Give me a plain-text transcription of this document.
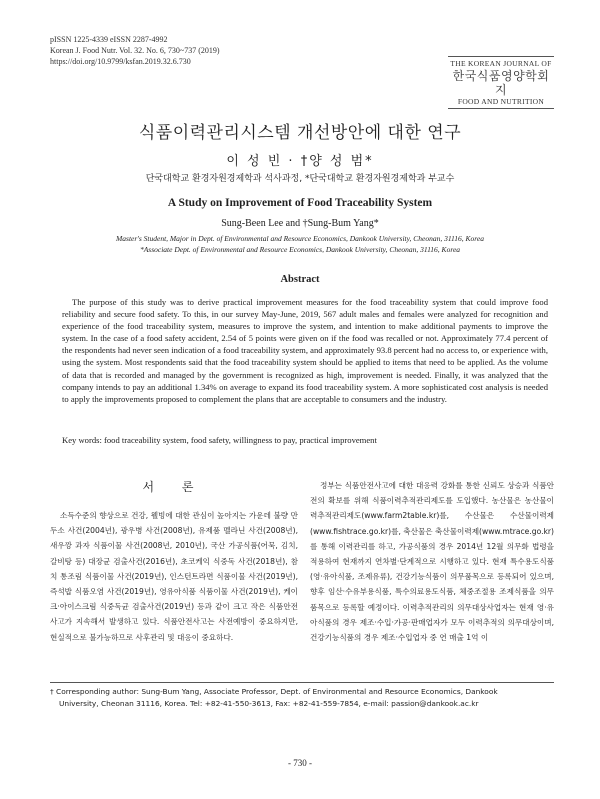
pISSN 1225-4339 eISSN 2287-4992
Korean J. Food Nutr. Vol. 32. No. 6, 730~737 (2019)
https://doi.org/10.9799/ksfan.2019.32.6.730	THE KOREAN JOURNAL OF
한국식품영양학회지
FOOD AND NUTRITION
식품이력관리시스템 개선방안에 대한 연구
이 성 빈 · †양 성 범*
단국대학교 환경자원경제학과 석사과정, *단국대학교 환경자원경제학과 부교수
A Study on Improvement of Food Traceability System
Sung-Been Lee and †Sung-Bum Yang*
Master's Student, Major in Dept. of Environmental and Resource Economics, Dankook University, Cheonan, 31116, Korea
*Associate Dept. of Environmental and Resource Economics, Dankook University, Cheonan, 31116, Korea
Abstract
The purpose of this study was to derive practical improvement measures for the food traceability system that could improve food reliability and secure food safety. To this, in our survey May-June, 2019, 567 adult males and females were analyzed for recognition and experience of the food traceability system, measures to improve the system, and intention to make additional payments to improve the system. In the case of a food safety accident, 2.54 of 5 points were given on if the food was recalled or not. Approximately 77.4 percent of the respondents had never seen indication of a food traceability system, and approximately 93.8 percent had no access to, or experience with, using the system. Most respondents said that the food traceability system should be applied to items that need to be applied. As the volume of data that is recorded and managed by the government is recognized as high, improvement is needed. Finally, it was analyzed that the company intends to pay an additional 1.34% on average to expand its food traceability system. A more sophisticated cost analysis is needed to apply the improvements proposed to complement the plans that are acceptable to consumers and the industry.
Key words: food traceability system, food safety, willingness to pay, practical improvement
서 론
소득수준의 향상으로 건강, 웰빙에 대한 관심이 높아지는 가운데 불량 만두소 사건(2004년), 광우병 사건(2008년), 유제품 멜라닌 사건(2008년), 새우깡 과자 식품이물 사건(2008년, 2010년), 국산 가공식품(어묵, 김치, 갈비탕 등) 대장균 검출사건(2016년), 초코케익 식중독 사건(2018년), 참치 통조림 식품이물 사건(2019년), 인스턴트라면 식품이물 사건(2019년), 즉석밥 식품오염 사건(2019년), 영유아식품 식품이물 사건(2019년), 케이크·아이스크림 식중독균 검출사건(2019년) 등과 같이 크고 작은 식품안전사고가 지속해서 발생하고 있다. 식품안전사고는 사전예방이 중요하지만, 현실적으로 불가능하므로 사후관리 및 대응이 중요하다.
정부는 식품안전사고에 대한 대응력 강화를 통한 신뢰도 상승과 식품안전의 확보를 위해 식품이력추적관리제도를 도입했다. 농산물은 농산물이력추적관리제도(www.farm2table.kr)를, 수산물은 수산물이력제(www.fishtrace.go.kr)를, 축산물은 축산물이력제(www.mtrace.go.kr)를 통해 이력관리를 하고, 가공식품의 경우 2014년 12월 의무화 법령을 적용하여 현재까지 연차별·단계적으로 시행하고 있다. 현재 특수용도식품(영·유아식품, 조제유류), 건강기능식품이 의무품목으로 등록되어 있으며, 향후 임산·수유부용식품, 특수의료용도식품, 체중조절용 조제식품을 의무품목으로 등록할 예정이다. 이력추적관리의 의무대상사업자는 현재 영·유아식품의 경우 제조·수입·가공·판매업자가 모두 이력추적의 의무대상이며, 건강기능식품의 경우 제조·수입업자 중 연 매출 1억 이
† Corresponding author: Sung-Bum Yang, Associate Professor, Dept. of Environmental and Resource Economics, Dankook
University, Cheonan 31116, Korea. Tel: +82-41-550-3613, Fax: +82-41-559-7854, e-mail: passion@dankook.ac.kr
- 730 -
